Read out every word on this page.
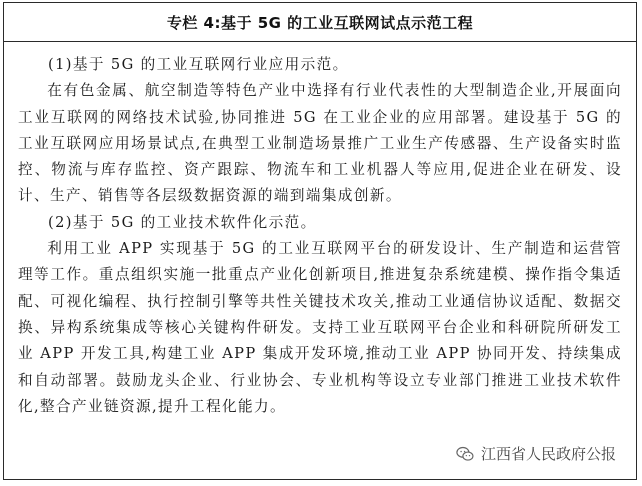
专栏 4:基于 5G 的工业互联网试点示范工程

(1)基于 5G 的工业互联网行业应用示范。

在有色金属、航空制造等特色产业中选择有行业代表性的大型制造企业,开展面向工业互联网的网络技术试验,协同推进 5G 在工业企业的应用部署。建设基于 5G 的工业互联网应用场景试点,在典型工业制造场景推广工业生产传感器、生产设备实时监控、物流与库存监控、资产跟踪、物流车和工业机器人等应用,促进企业在研发、设计、生产、销售等各层级数据资源的端到端集成创新。

(2)基于 5G 的工业技术软件化示范。

利用工业 APP 实现基于 5G 的工业互联网平台的研发设计、生产制造和运营管理等工作。重点组织实施一批重点产业化创新项目,推进复杂系统建模、操作指令集适配、可视化编程、执行控制引擎等共性关键技术攻关,推动工业通信协议适配、数据交换、异构系统集成等核心关键构件研发。支持工业互联网平台企业和科研院所研发工业 APP 开发工具,构建工业 APP 集成开发环境,推动工业 APP 协同开发、持续集成和自动部署。鼓励龙头企业、行业协会、专业机构等设立专业部门推进工业技术软件化,整合产业链资源,提升工程化能力。

江西省人民政府公报
